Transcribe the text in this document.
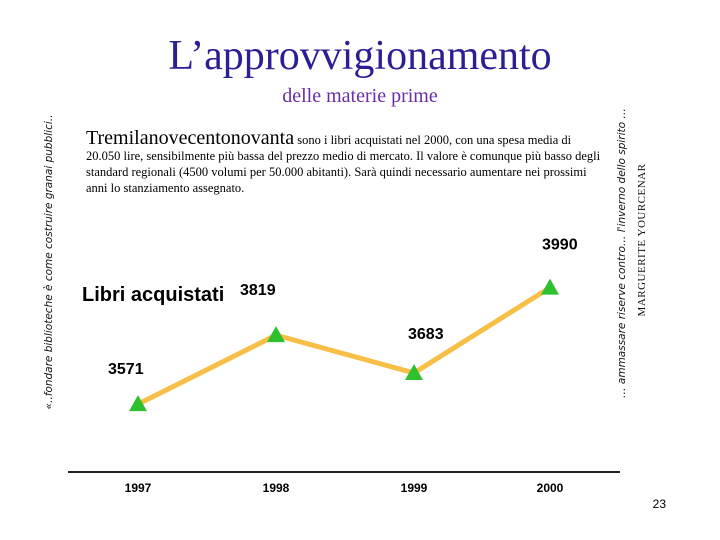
L’approvvigionamento
delle materie prime
«..fondare biblioteche è come costruire granai pubblici..	… ammassare riserve contro… l'inverno dello spirito … MARGUERITE YOURCENAR
Tremilanovecentonovanta sono i libri acquistati nel 2000, con una spesa media di 20.050 lire, sensibilmente più bassa del prezzo medio di mercato. Il valore è comunque più basso degli standard regionali (4500 volumi per 50.000 abitanti). Sarà quindi necessario aumentare nei prossimi anni lo stanziamento assegnato.
Libri acquistati
3571
3819
3683
3990
1997	1998	1999	2000
23
